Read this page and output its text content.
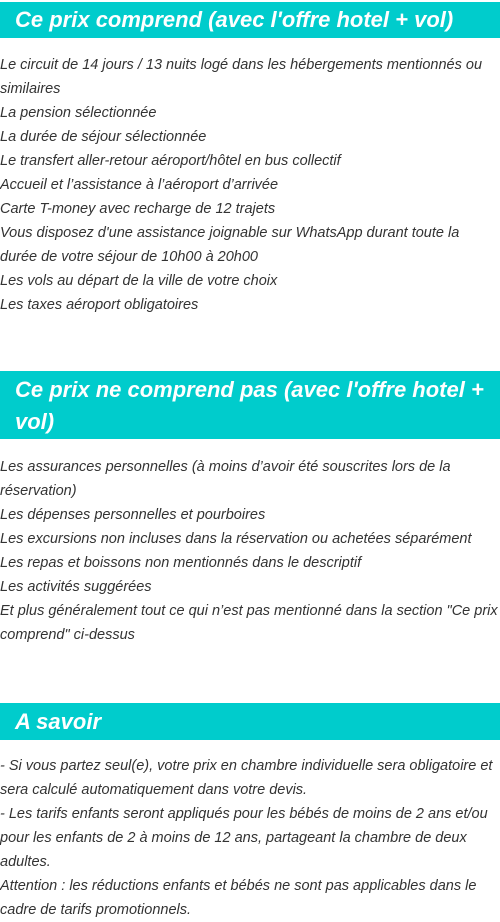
Ce prix comprend (avec l'offre hotel + vol)
Le circuit de 14 jours / 13 nuits logé dans les hébergements mentionnés ou similaires
La pension sélectionnée
La durée de séjour sélectionnée
Le transfert aller-retour aéroport/hôtel en bus collectif
Accueil et l’assistance à l’aéroport d’arrivée
Carte T-money avec recharge de 12 trajets
Vous disposez d'une assistance joignable sur WhatsApp durant toute la durée de votre séjour de 10h00 à 20h00
Les vols au départ de la ville de votre choix
Les taxes aéroport obligatoires
Ce prix ne comprend pas (avec l'offre hotel + vol)
Les assurances personnelles (à moins d’avoir été souscrites lors de la réservation)
Les dépenses personnelles et pourboires
Les excursions non incluses dans la réservation ou achetées séparément
Les repas et boissons non mentionnés dans le descriptif
Les activités suggérées
Et plus généralement tout ce qui n’est pas mentionné dans la section "Ce prix comprend" ci-dessus
A savoir
- Si vous partez seul(e), votre prix en chambre individuelle sera obligatoire et sera calculé automatiquement dans votre devis.
- Les tarifs enfants seront appliqués pour les bébés de moins de 2 ans et/ou pour les enfants de 2 à moins de 12 ans, partageant la chambre de deux adultes.
Attention : les réductions enfants et bébés ne sont pas applicables dans le cadre de tarifs promotionnels.
